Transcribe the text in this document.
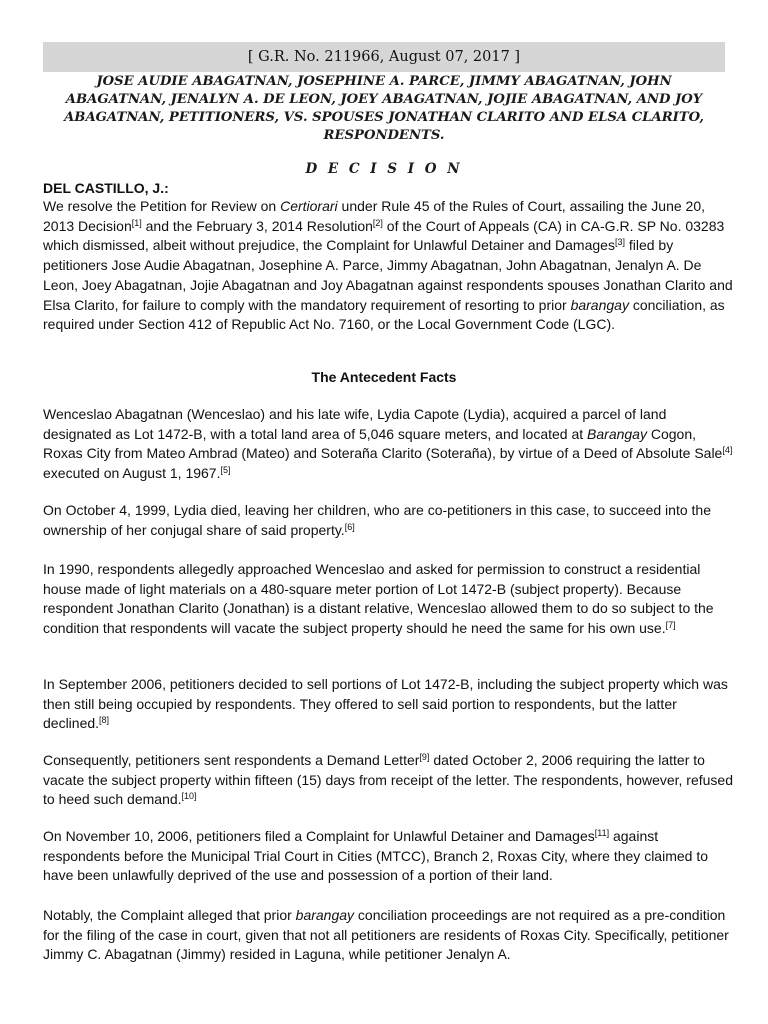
[ G.R. No. 211966, August 07, 2017 ]
JOSE AUDIE ABAGATNAN, JOSEPHINE A. PARCE, JIMMY ABAGATNAN, JOHN ABAGATNAN, JENALYN A. DE LEON, JOEY ABAGATNAN, JOJIE ABAGATNAN, AND JOY ABAGATNAN, PETITIONERS, VS. SPOUSES JONATHAN CLARITO AND ELSA CLARITO, RESPONDENTS.
D E C I S I O N
DEL CASTILLO, J.:

We resolve the Petition for Review on Certiorari under Rule 45 of the Rules of Court, assailing the June 20, 2013 Decision[1] and the February 3, 2014 Resolution[2] of the Court of Appeals (CA) in CA-G.R. SP No. 03283 which dismissed, albeit without prejudice, the Complaint for Unlawful Detainer and Damages[3] filed by petitioners Jose Audie Abagatnan, Josephine A. Parce, Jimmy Abagatnan, John Abagatnan, Jenalyn A. De Leon, Joey Abagatnan, Jojie Abagatnan and Joy Abagatnan against respondents spouses Jonathan Clarito and Elsa Clarito, for failure to comply with the mandatory requirement of resorting to prior barangay conciliation, as required under Section 412 of Republic Act No. 7160, or the Local Government Code (LGC).

The Antecedent Facts

Wenceslao Abagatnan (Wenceslao) and his late wife, Lydia Capote (Lydia), acquired a parcel of land designated as Lot 1472-B, with a total land area of 5,046 square meters, and located at Barangay Cogon, Roxas City from Mateo Ambrad (Mateo) and Soteraña Clarito (Soteraña), by virtue of a Deed of Absolute Sale[4] executed on August 1, 1967.[5]

On October 4, 1999, Lydia died, leaving her children, who are co-petitioners in this case, to succeed into the ownership of her conjugal share of said property.[6]

In 1990, respondents allegedly approached Wenceslao and asked for permission to construct a residential house made of light materials on a 480-square meter portion of Lot 1472-B (subject property). Because respondent Jonathan Clarito (Jonathan) is a distant relative, Wenceslao allowed them to do so subject to the condition that respondents will vacate the subject property should he need the same for his own use.[7]

In September 2006, petitioners decided to sell portions of Lot 1472-B, including the subject property which was then still being occupied by respondents. They offered to sell said portion to respondents, but the latter declined.[8]

Consequently, petitioners sent respondents a Demand Letter[9] dated October 2, 2006 requiring the latter to vacate the subject property within fifteen (15) days from receipt of the letter. The respondents, however, refused to heed such demand.[10]

On November 10, 2006, petitioners filed a Complaint for Unlawful Detainer and Damages[11] against respondents before the Municipal Trial Court in Cities (MTCC), Branch 2, Roxas City, where they claimed to have been unlawfully deprived of the use and possession of a portion of their land.

Notably, the Complaint alleged that prior barangay conciliation proceedings are not required as a pre-condition for the filing of the case in court, given that not all petitioners are residents of Roxas City. Specifically, petitioner Jimmy C. Abagatnan (Jimmy) resided in Laguna, while petitioner Jenalyn A.
